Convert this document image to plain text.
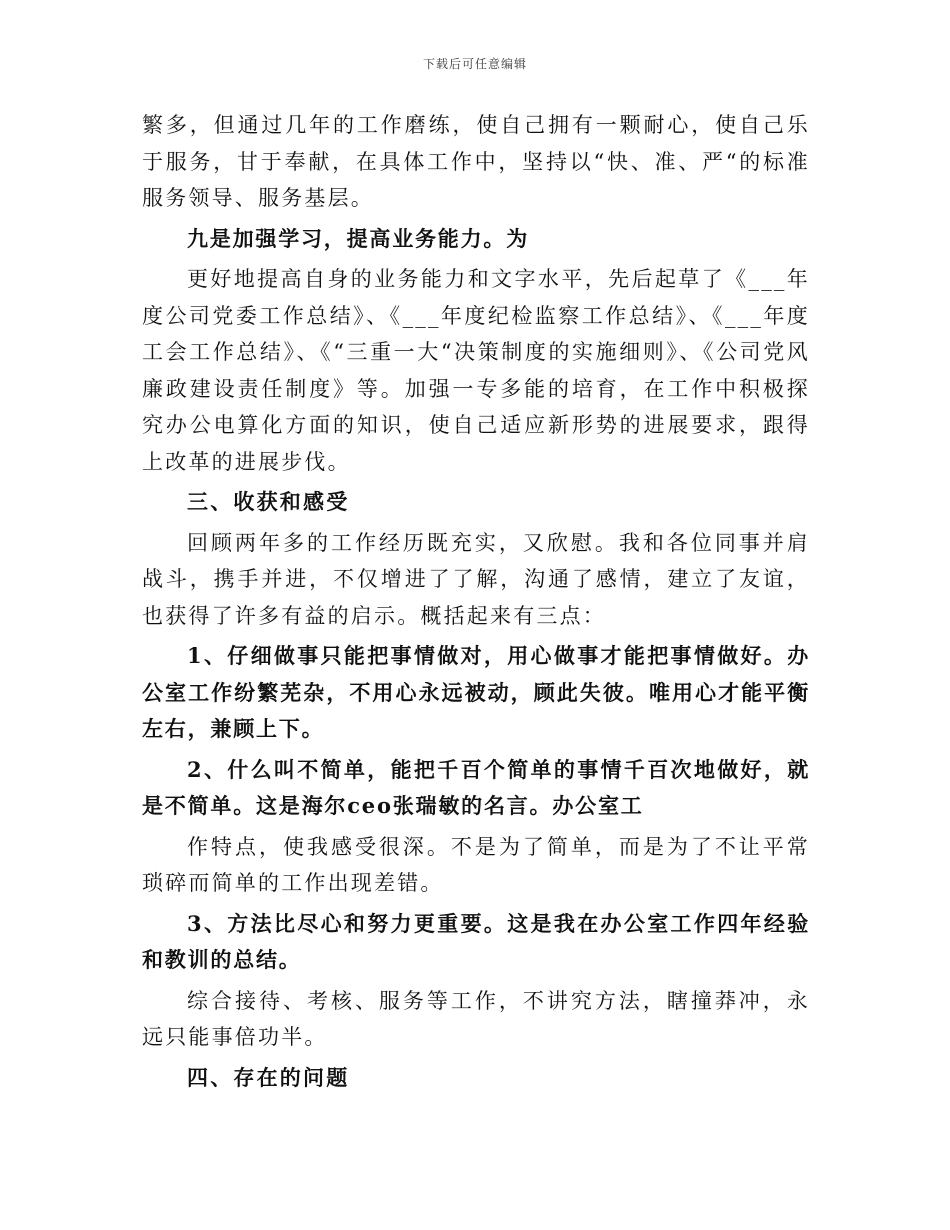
下载后可任意编辑

繁多，但通过几年的工作磨练，使自己拥有一颗耐心，使自己乐于服务，甘于奉献，在具体工作中，坚持以“快、准、严“的标准服务领导、服务基层。

九是加强学习，提高业务能力。为

更好地提高自身的业务能力和文字水平，先后起草了《___年度公司党委工作总结》、《___年度纪检监察工作总结》、《___年度工会工作总结》、《“三重一大“决策制度的实施细则》、《公司党风廉政建设责任制度》等。加强一专多能的培育，在工作中积极探究办公电算化方面的知识，使自己适应新形势的进展要求，跟得上改革的进展步伐。

三、收获和感受

回顾两年多的工作经历既充实，又欣慰。我和各位同事并肩战斗，携手并进，不仅增进了了解，沟通了感情，建立了友谊，也获得了许多有益的启示。概括起来有三点：

1、仔细做事只能把事情做对，用心做事才能把事情做好。办公室工作纷繁芜杂，不用心永远被动，顾此失彼。唯用心才能平衡左右，兼顾上下。

2、什么叫不简单，能把千百个简单的事情千百次地做好，就是不简单。这是海尔ceo张瑞敏的名言。办公室工

作特点，使我感受很深。不是为了简单，而是为了不让平常琐碎而简单的工作出现差错。

3、方法比尽心和努力更重要。这是我在办公室工作四年经验和教训的总结。

综合接待、考核、服务等工作，不讲究方法，瞎撞莽冲，永远只能事倍功半。

四、存在的问题
